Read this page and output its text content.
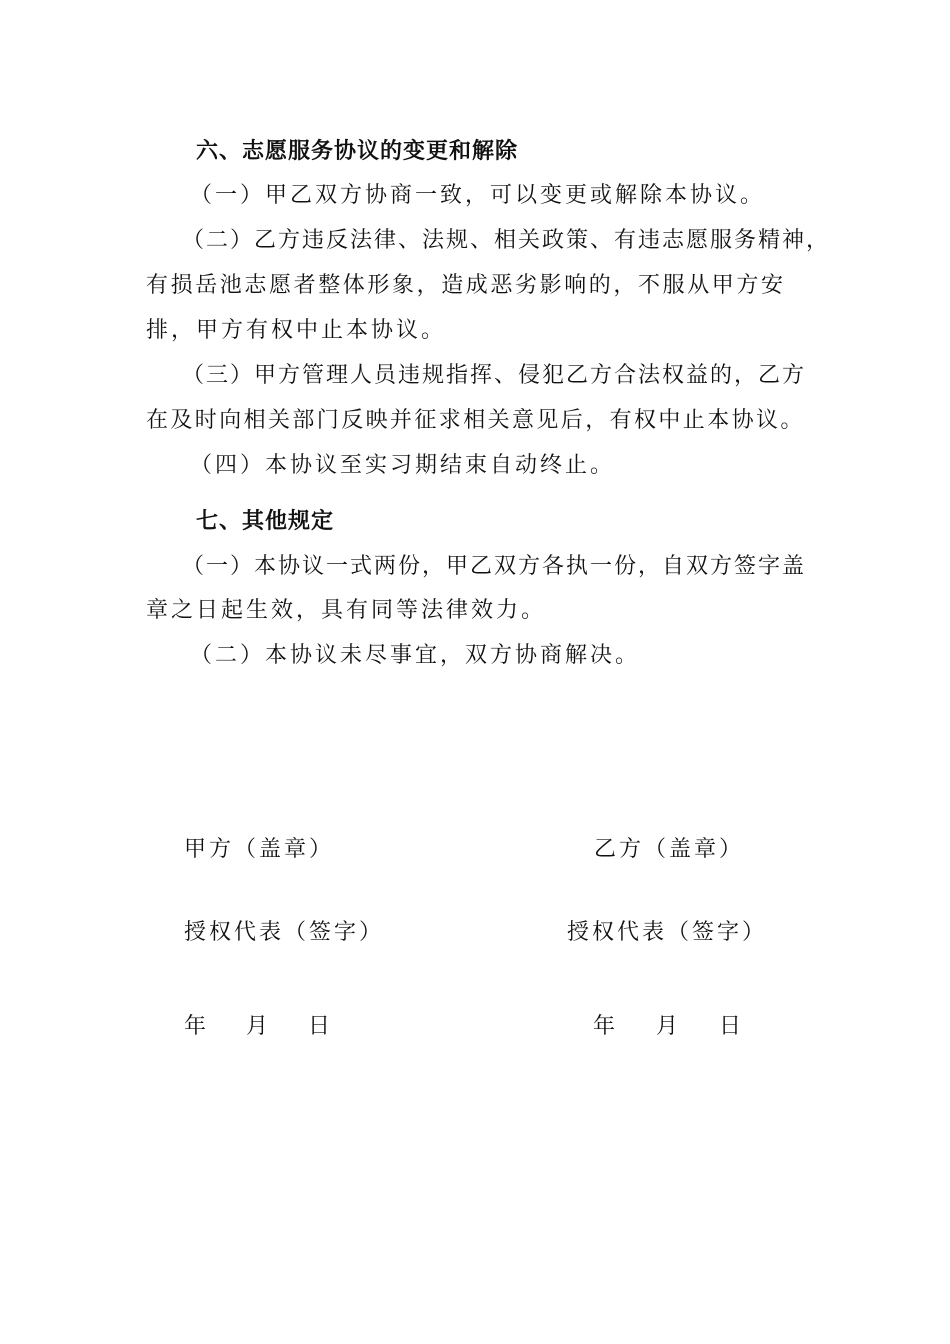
六、志愿服务协议的变更和解除
（一）甲乙双方协商一致，可以变更或解除本协议。
（二）乙方违反法律、法规、相关政策、有违志愿服务精神，
有损岳池志愿者整体形象，造成恶劣影响的，不服从甲方安
排，甲方有权中止本协议。
（三）甲方管理人员违规指挥、侵犯乙方合法权益的，乙方
在及时向相关部门反映并征求相关意见后，有权中止本协议。
（四）本协议至实习期结束自动终止。
七、其他规定
（一）本协议一式两份，甲乙双方各执一份，自双方签字盖
章之日起生效，具有同等法律效力。
（二）本协议未尽事宜，双方协商解决。
甲方（盖章）
授权代表（签字）
年 月 日
乙方（盖章）
授权代表（签字）
年 月 日
